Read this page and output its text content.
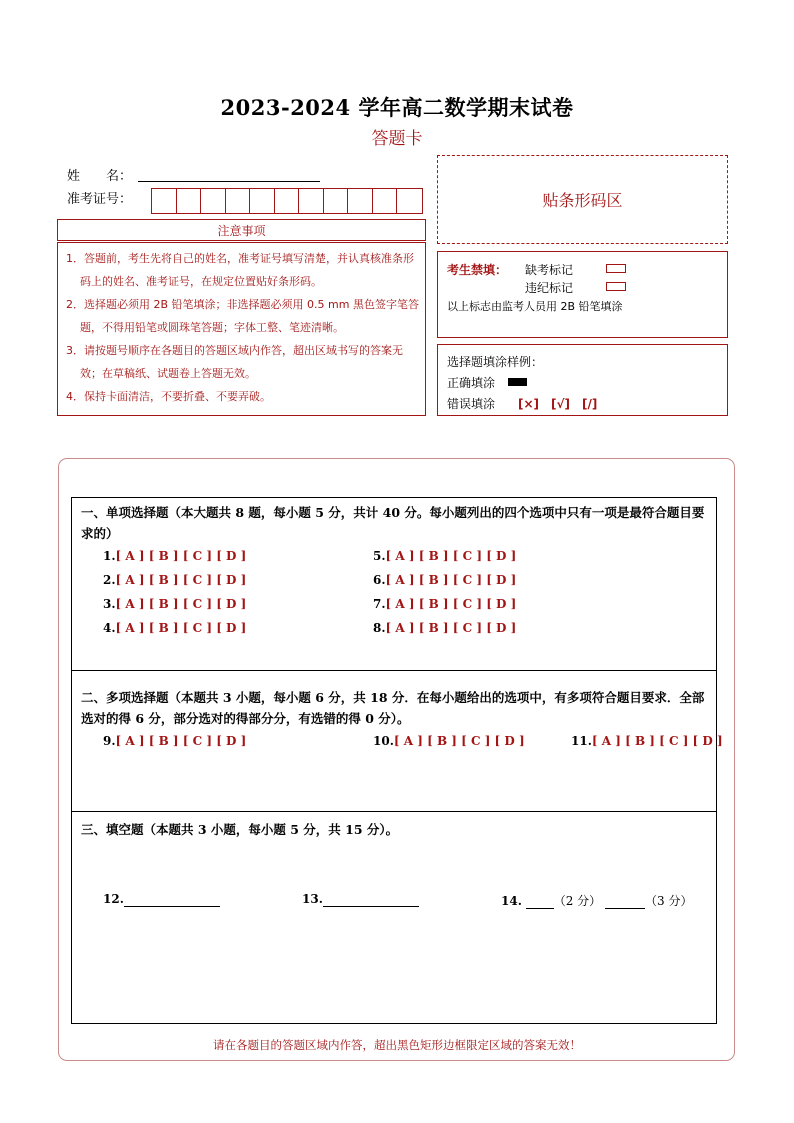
2023-2024 学年高二数学期末试卷
答题卡
姓　　名：
准考证号：
注意事项
1．答题前，考生先将自己的姓名，准考证号填写清楚，并认真核准条形码上的姓名、准考证号，在规定位置贴好条形码。
2．选择题必须用 2B 铅笔填涂；非选择题必须用 0.5 mm 黑色签字笔答题，不得用铅笔或圆珠笔答题；字体工整、笔迹清晰。
3．请按题号顺序在各题目的答题区域内作答，超出区域书写的答案无效；在草稿纸、试题卷上答题无效。
4．保持卡面清洁，不要折叠、不要弄破。
贴条形码区
考生禁填： 缺考标记
违纪标记
以上标志由监考人员用 2B 铅笔填涂
选择题填涂样例：
正确填涂
错误填涂 [×]　[√]　[/]
一、单项选择题（本大题共 8 题，每小题 5 分，共计 40 分。每小题列出的四个选项中只有一项是最符合题目要求的）
1.[ A ] [ B ] [ C ] [ D ]
2.[ A ] [ B ] [ C ] [ D ]
3.[ A ] [ B ] [ C ] [ D ]
4.[ A ] [ B ] [ C ] [ D ]
5.[ A ] [ B ] [ C ] [ D ]
6.[ A ] [ B ] [ C ] [ D ]
7.[ A ] [ B ] [ C ] [ D ]
8.[ A ] [ B ] [ C ] [ D ]
二、多项选择题（本题共 3 小题，每小题 6 分，共 18 分．在每小题给出的选项中，有多项符合题目要求．全部选对的得 6 分，部分选对的得部分分，有选错的得 0 分）。
9.[ A ] [ B ] [ C ] [ D ]	10.[ A ] [ B ] [ C ] [ D ]	11.[ A ] [ B ] [ C ] [ D ]
三、填空题（本题共 3 小题，每小题 5 分，共 15 分）。
12.	13.	14.	（2 分）	（3 分）
请在各题目的答题区域内作答，超出黑色矩形边框限定区域的答案无效！
